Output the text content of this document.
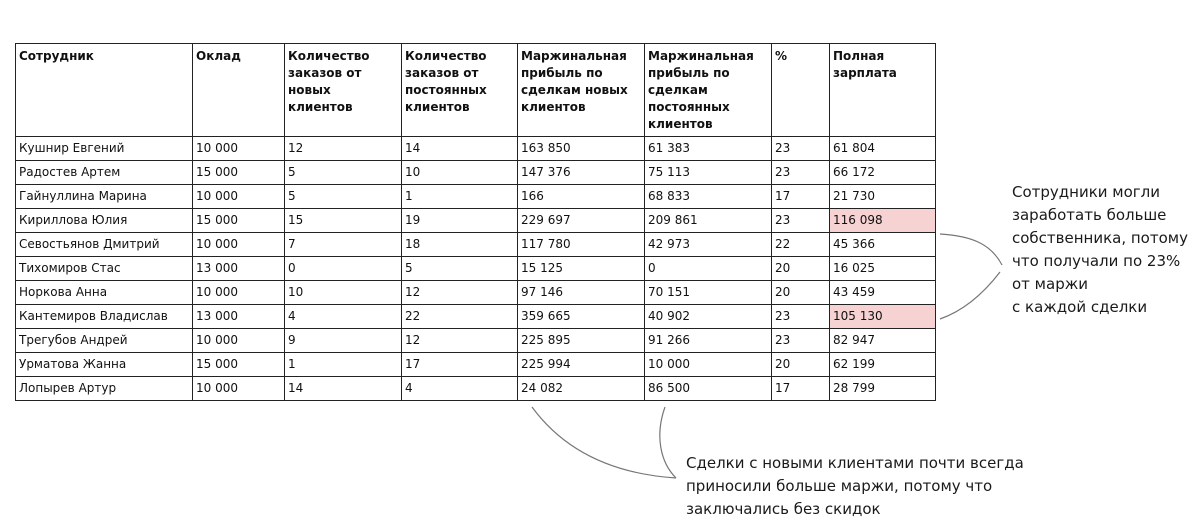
Сотрудник	Оклад	Количество заказов от новых клиентов	Количество заказов от постоянных клиентов	Маржинальная прибыль по сделкам новых клиентов	Маржинальная прибыль по сделкам постоянных клиентов	%	Полная зарплата
Кушнир Евгений	10 000	12	14	163 850	61 383	23	61 804
Радостев Артем	15 000	5	10	147 376	75 113	23	66 172
Гайнуллина Марина	10 000	5	1	166	68 833	17	21 730
Кириллова Юлия	15 000	15	19	229 697	209 861	23	116 098
Севостьянов Дмитрий	10 000	7	18	117 780	42 973	22	45 366
Тихомиров Стас	13 000	0	5	15 125	0	20	16 025
Норкова Анна	10 000	10	12	97 146	70 151	20	43 459
Кантемиров Владислав	13 000	4	22	359 665	40 902	23	105 130
Трегубов Андрей	10 000	9	12	225 895	91 266	23	82 947
Урматова Жанна	15 000	1	17	225 994	10 000	20	62 199
Лопырев Артур	10 000	14	4	24 082	86 500	17	28 799
Сотрудники могли
заработать больше
собственника, потому
что получали по 23%
от маржи
с каждой сделки
Сделки с новыми клиентами почти всегда
приносили больше маржи, потому что
заключались без скидок
